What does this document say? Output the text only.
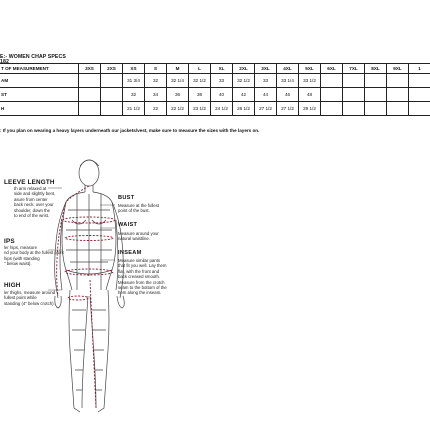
E:- WOMEN CHAP SPECS
182
T OF MEASUREMENT	3XS	2XS	XS	S	M	L	XL	2XL	3XL	4XL	5XL	6XL	7XL	8XL	9XL	1
AM			31 3/4	32	32 1/4	32 1/2	33	32 1/2	33	33 1/4	33 1/2					
ST			32	34	36	38	40	42	44	46	48					
H			21 1/2	22	22 1/2	23 1/2	24 1/2	26 1/2	27 1/2	27 1/2	29 1/2					
: If you plan on wearing a heavy layers underneath our jackets/vest, make sure to measure the sizes with the layers on.
LEEVE LENGTH
th arm relaxed at
side and slightly bent,
asure from center
back neck, over your
shoulder, down the
to end of the wrist.
IPS
ler hips, measure
nd your body at the fullest point
hips (with standing
" below waist).
HIGH
ler thighs, measure around
fullest point while
standing (4" below crotch).
BUST
Measure at the fullest
point of the bust.
WAIST
Measure around your
natural waistline.
INSEAM
Measure similar pants
that fit you well. Lay them
flat, with the front and
back creased smooth.
Measure from the crotch
seam to the bottom of the
hem along the inseam.
